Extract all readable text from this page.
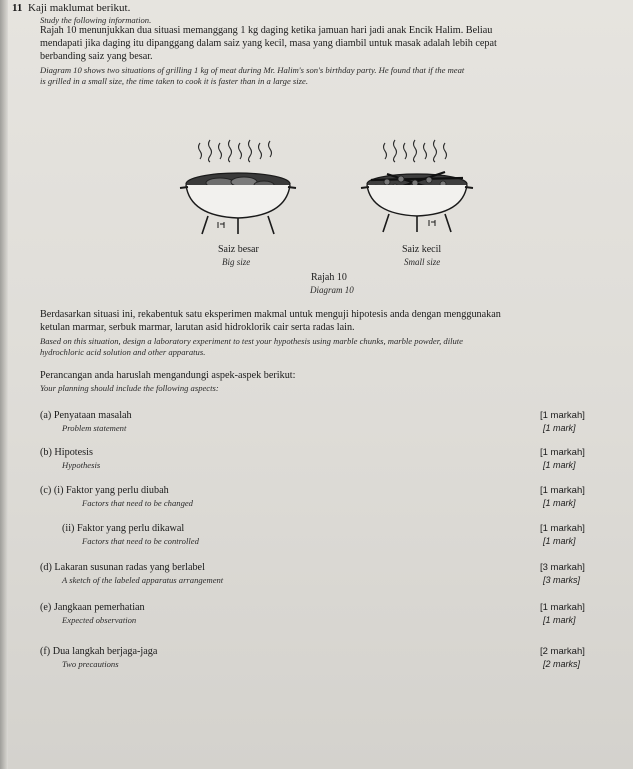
11 Kaji maklumat berikut.
Study the following information.
Rajah 10 menunjukkan dua situasi memanggang 1 kg daging ketika jamuan hari jadi anak Encik Halim. Beliau
mendapati jika daging itu dipanggang dalam saiz yang kecil, masa yang diambil untuk masak adalah lebih cepat
berbanding saiz yang besar.
Diagram 10 shows two situations of grilling 1 kg of meat during Mr. Halim's son's birthday party. He found that if the meat
is grilled in a small size, the time taken to cook it is faster than in a large size.
Saiz besar
Big size
Saiz kecil
Small size
Rajah 10
Diagram 10
Berdasarkan situasi ini, rekabentuk satu eksperimen makmal untuk menguji hipotesis anda dengan menggunakan
ketulan marmar, serbuk marmar, larutan asid hidroklorik cair serta radas lain.
Based on this situation, design a laboratory experiment to test your hypothesis using marble chunks, marble powder, dilute
hydrochloric acid solution and other apparatus.
Perancangan anda haruslah mengandungi aspek-aspek berikut:
Your planning should include the following aspects:
(a) Penyataan masalah
Problem statement
[1 markah]
[1 mark]
(b) Hipotesis
Hypothesis
[1 markah]
[1 mark]
(c) (i) Faktor yang perlu diubah
Factors that need to be changed
[1 markah]
[1 mark]
(ii) Faktor yang perlu dikawal
Factors that need to be controlled
[1 markah]
[1 mark]
(d) Lakaran susunan radas yang berlabel
A sketch of the labeled apparatus arrangement
[3 markah]
[3 marks]
(e) Jangkaan pemerhatian
Expected observation
[1 markah]
[1 mark]
(f) Dua langkah berjaga-jaga
Two precautions
[2 markah]
[2 marks]
